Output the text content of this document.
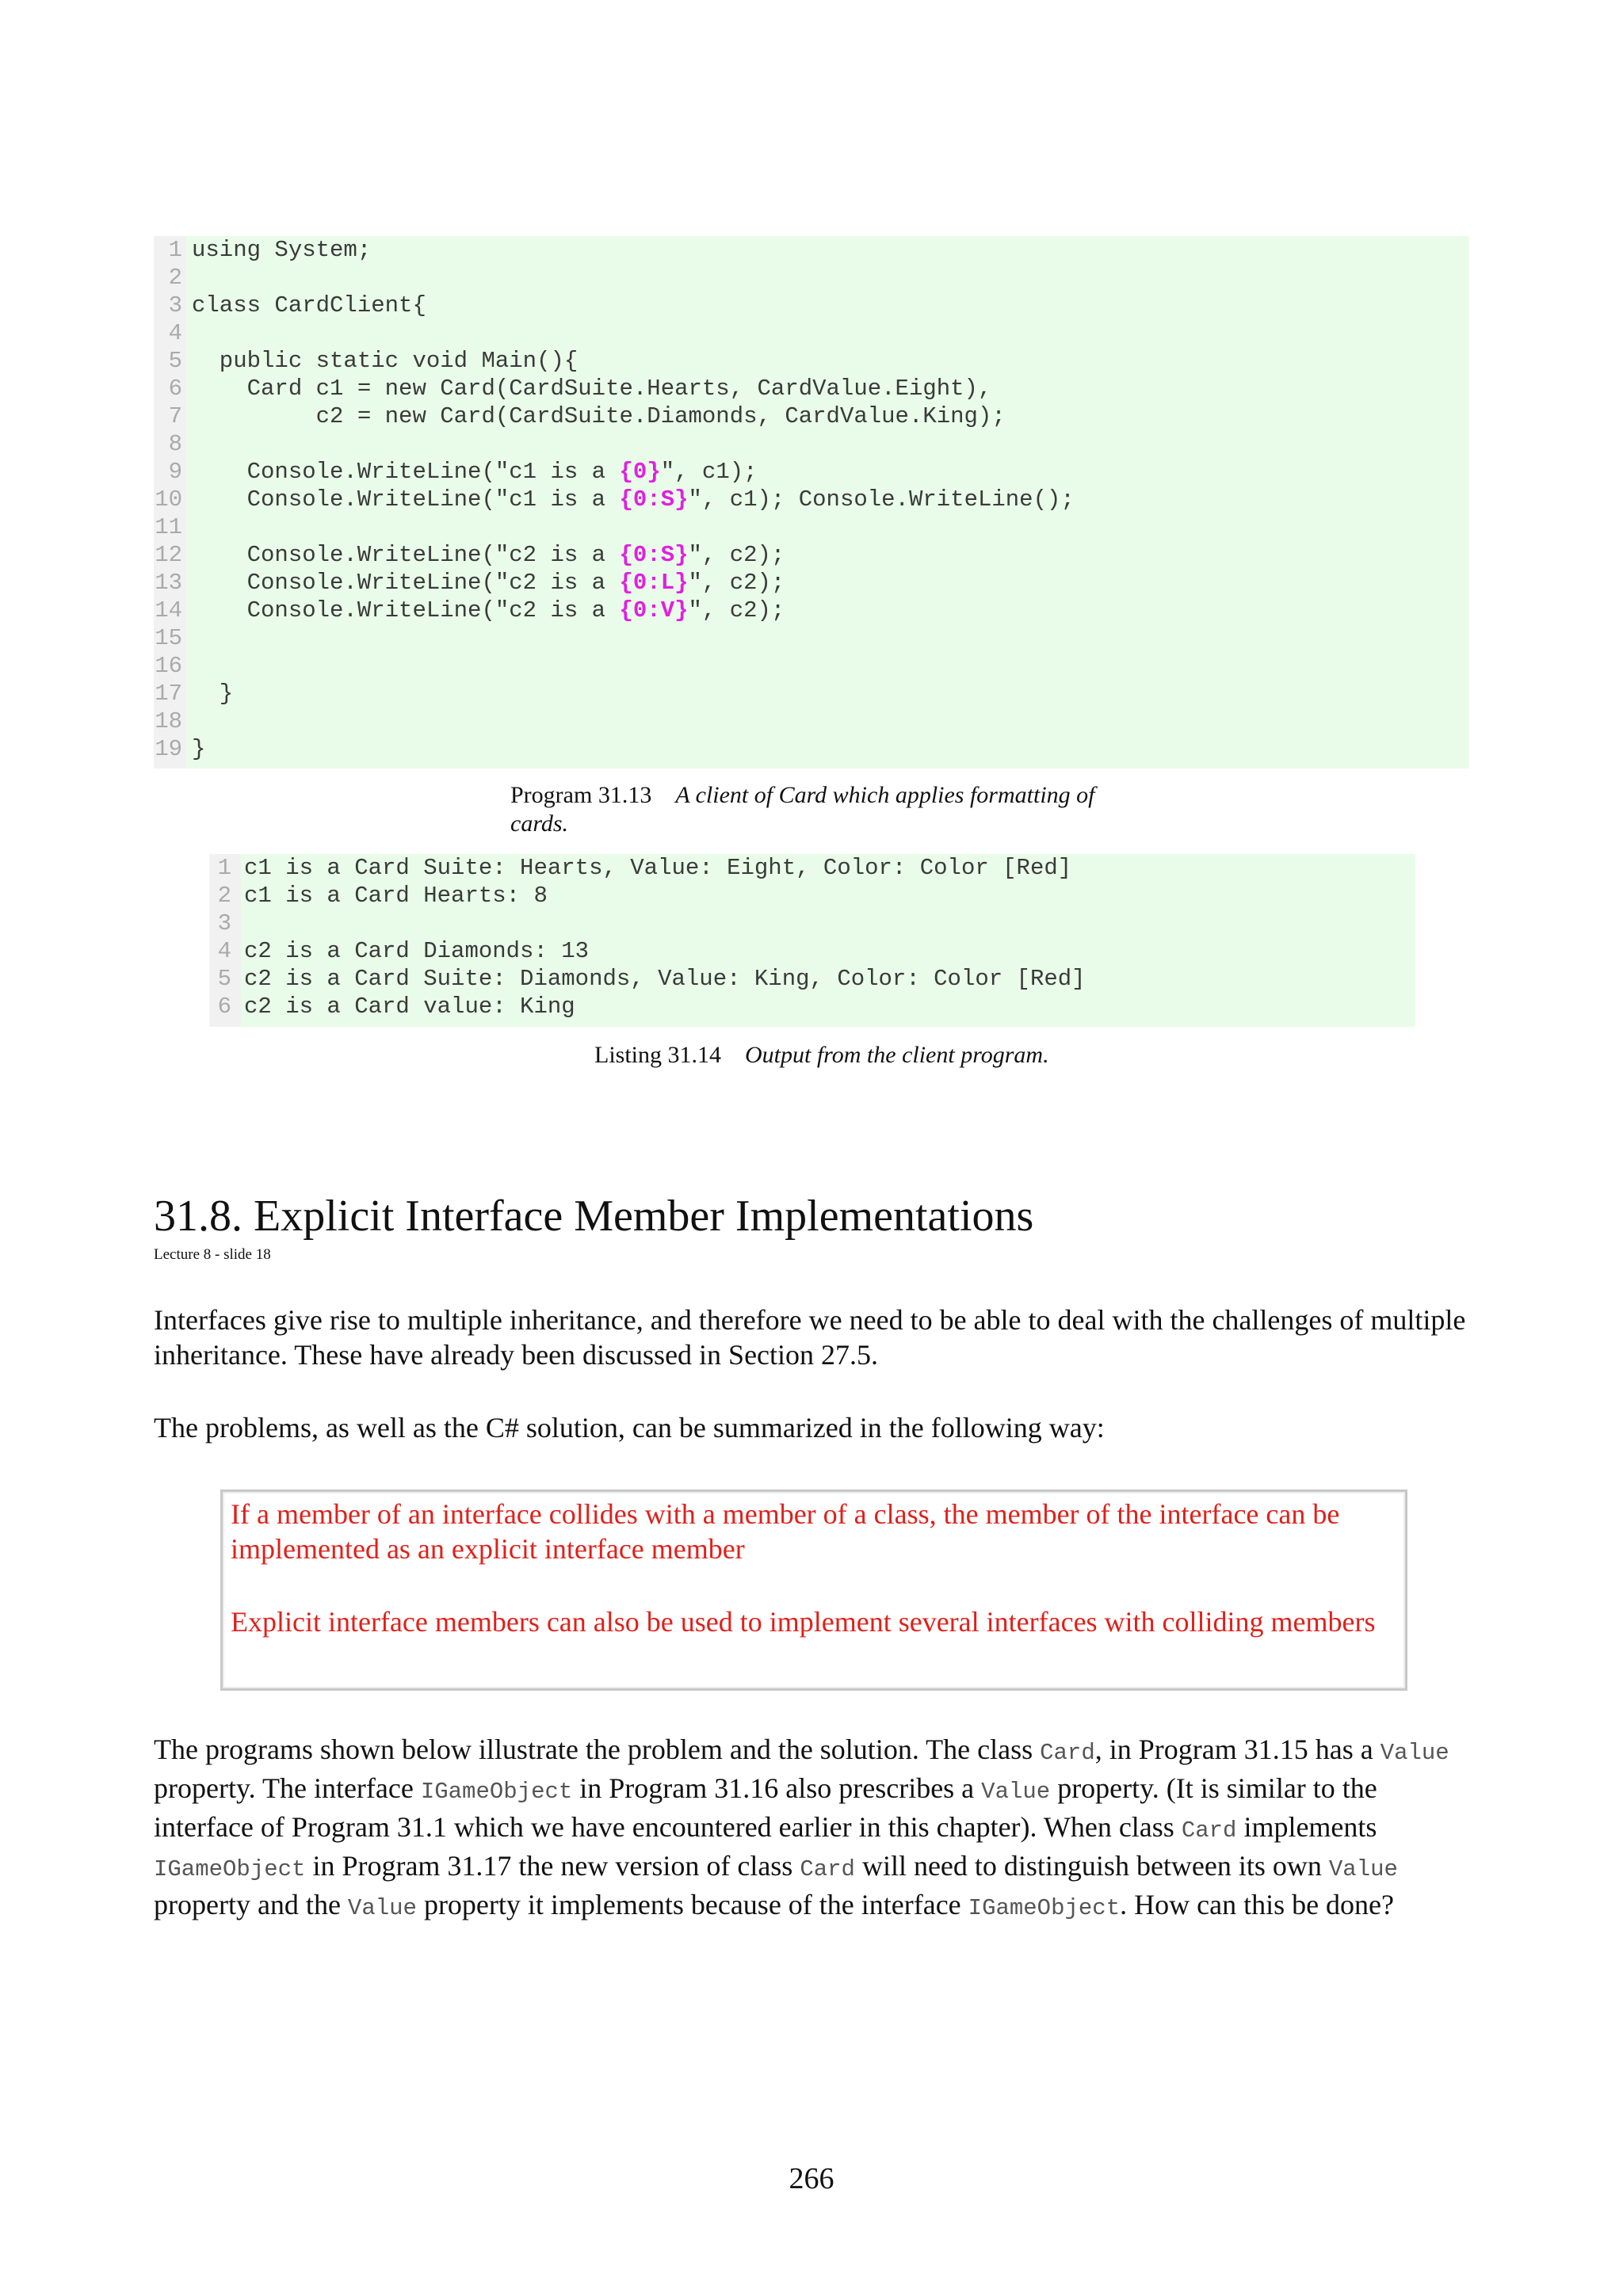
1 using System;
2
3 class CardClient{
4
5 public static void Main(){
6 Card c1 = new Card(CardSuite.Hearts, CardValue.Eight),
7 c2 = new Card(CardSuite.Diamonds, CardValue.King);
8
9 Console.WriteLine("c1 is a {0}", c1);
10 Console.WriteLine("c1 is a {0:S}", c1); Console.WriteLine();
11
12 Console.WriteLine("c2 is a {0:S}", c2);
13 Console.WriteLine("c2 is a {0:L}", c2);
14 Console.WriteLine("c2 is a {0:V}", c2);
15
16
17 }
18
19 }
Program 31.13 A client of Card which applies formatting of
cards.
1 c1 is a Card Suite: Hearts, Value: Eight, Color: Color [Red]
2 c1 is a Card Hearts: 8
3
4 c2 is a Card Diamonds: 13
5 c2 is a Card Suite: Diamonds, Value: King, Color: Color [Red]
6 c2 is a Card value: King
Listing 31.14 Output from the client program.
31.8. Explicit Interface Member Implementations
Lecture 8 - slide 18

Interfaces give rise to multiple inheritance, and therefore we need to be able to deal with the challenges of multiple inheritance. These have already been discussed in Section 27.5.

The problems, as well as the C# solution, can be summarized in the following way:

If a member of an interface collides with a member of a class, the member of the interface can be implemented as an explicit interface member

Explicit interface members can also be used to implement several interfaces with colliding members

The programs shown below illustrate the problem and the solution. The class Card, in Program 31.15 has a Value property. The interface IGameObject in Program 31.16 also prescribes a Value property. (It is similar to the interface of Program 31.1 which we have encountered earlier in this chapter). When class Card implements IGameObject in Program 31.17 the new version of class Card will need to distinguish between its own Value property and the Value property it implements because of the interface IGameObject. How can this be done?

266
